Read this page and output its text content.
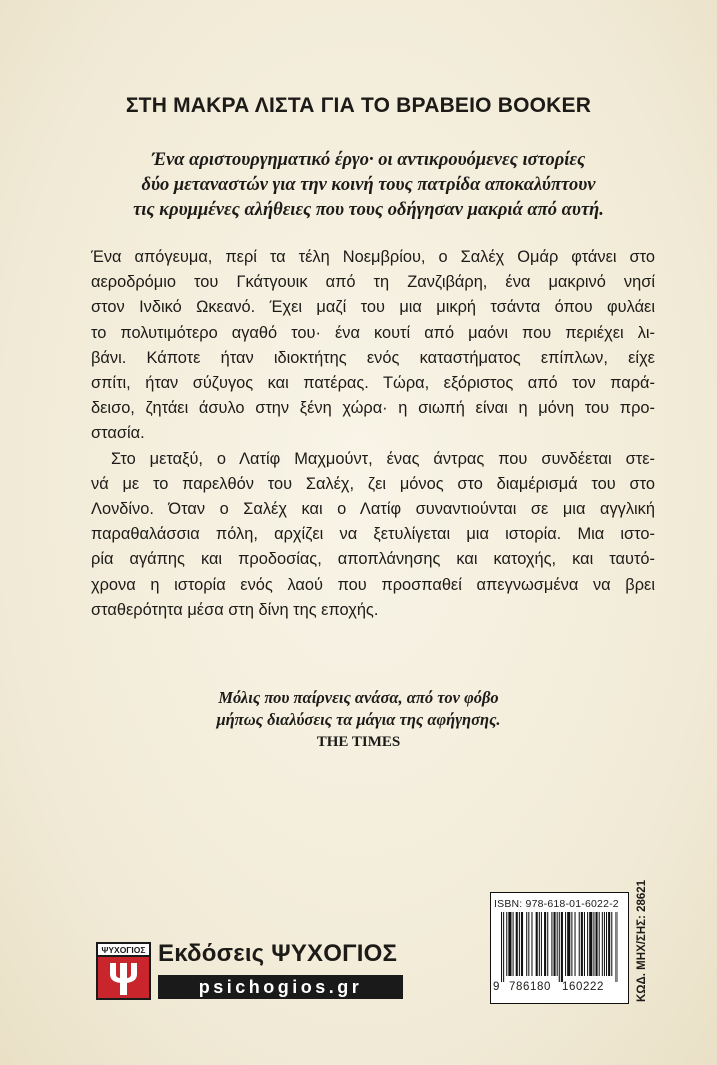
ΣΤΗ ΜΑΚΡΑ ΛΙΣΤΑ ΓΙΑ ΤΟ ΒΡΑΒΕΙΟ BOOKER

Ένα αριστουργηματικό έργο· οι αντικρουόμενες ιστορίες
δύο μεταναστών για την κοινή τους πατρίδα αποκαλύπτουν
τις κρυμμένες αλήθειες που τους οδήγησαν μακριά από αυτή.

Ένα απόγευμα, περί τα τέλη Νοεμβρίου, ο Σαλέχ Ομάρ φτάνει στο
αεροδρόμιο του Γκάτγουικ από τη Ζανζιβάρη, ένα μακρινό νησί
στον Ινδικό Ωκεανό. Έχει μαζί του μια μικρή τσάντα όπου φυλάει
το πολυτιμότερο αγαθό του· ένα κουτί από μαόνι που περιέχει λι-
βάνι. Κάποτε ήταν ιδιοκτήτης ενός καταστήματος επίπλων, είχε
σπίτι, ήταν σύζυγος και πατέρας. Τώρα, εξόριστος από τον παρά-
δεισο, ζητάει άσυλο στην ξένη χώρα· η σιωπή είναι η μόνη του προ-
στασία.
Στο μεταξύ, ο Λατίφ Μαχμούντ, ένας άντρας που συνδέεται στε-
νά με το παρελθόν του Σαλέχ, ζει μόνος στο διαμέρισμά του στο
Λονδίνο. Όταν ο Σαλέχ και ο Λατίφ συναντιούνται σε μια αγγλική
παραθαλάσσια πόλη, αρχίζει να ξετυλίγεται μια ιστορία. Μια ιστο-
ρία αγάπης και προδοσίας, αποπλάνησης και κατοχής, και ταυτό-
χρονα η ιστορία ενός λαού που προσπαθεί απεγνωσμένα να βρει
σταθερότητα μέσα στη δίνη της εποχής.

Μόλις που παίρνεις ανάσα, από τον φόβο
μήπως διαλύσεις τα μάγια της αφήγησης.
THE TIMES
ΨΥΧΟΓΙΟΣ Εκδόσεις ΨΥΧΟΓΙΟΣ
psichogios.gr
ISBN: 978-618-01-6022-2
9 786180 160222	ΚΩΔ. ΜΗΧ/ΣΗΣ: 28621
